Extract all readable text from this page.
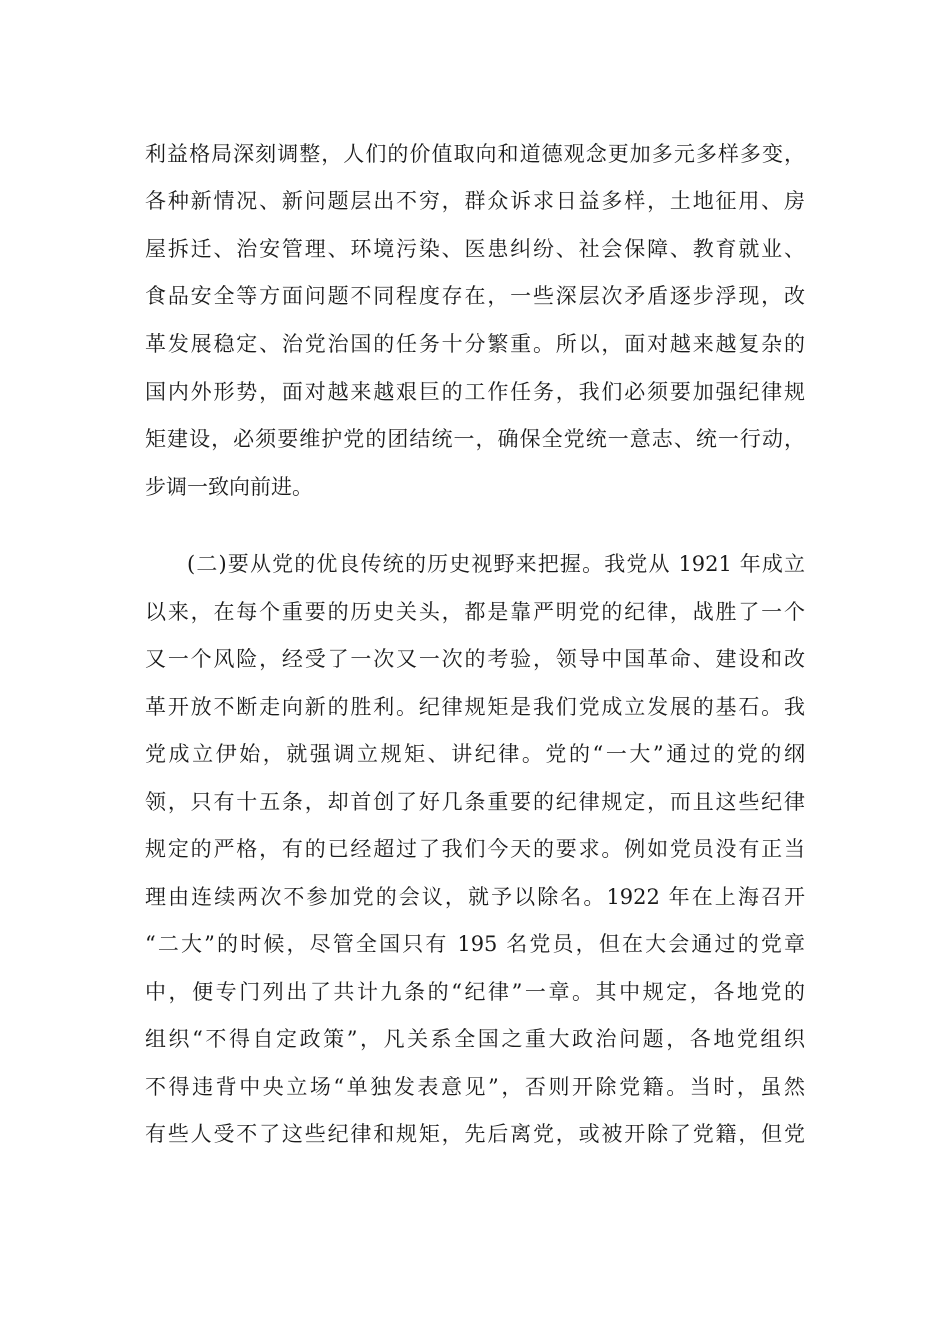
利益格局深刻调整，人们的价值取向和道德观念更加多元多样多变，
各种新情况、新问题层出不穷，群众诉求日益多样，土地征用、房
屋拆迁、治安管理、环境污染、医患纠纷、社会保障、教育就业、
食品安全等方面问题不同程度存在，一些深层次矛盾逐步浮现，改
革发展稳定、治党治国的任务十分繁重。所以，面对越来越复杂的
国内外形势，面对越来越艰巨的工作任务，我们必须要加强纪律规
矩建设，必须要维护党的团结统一，确保全党统一意志、统一行动，
步调一致向前进。
(二)要从党的优良传统的历史视野来把握。我党从 1921 年成立
以来，在每个重要的历史关头，都是靠严明党的纪律，战胜了一个
又一个风险，经受了一次又一次的考验，领导中国革命、建设和改
革开放不断走向新的胜利。纪律规矩是我们党成立发展的基石。我
党成立伊始，就强调立规矩、讲纪律。党的“一大”通过的党的纲
领，只有十五条，却首创了好几条重要的纪律规定，而且这些纪律
规定的严格，有的已经超过了我们今天的要求。例如党员没有正当
理由连续两次不参加党的会议，就予以除名。1922 年在上海召开
“二大”的时候，尽管全国只有 195 名党员，但在大会通过的党章
中，便专门列出了共计九条的“纪律”一章。其中规定，各地党的
组织“不得自定政策”，凡关系全国之重大政治问题，各地党组织
不得违背中央立场“单独发表意见”，否则开除党籍。当时，虽然
有些人受不了这些纪律和规矩，先后离党，或被开除了党籍，但党
